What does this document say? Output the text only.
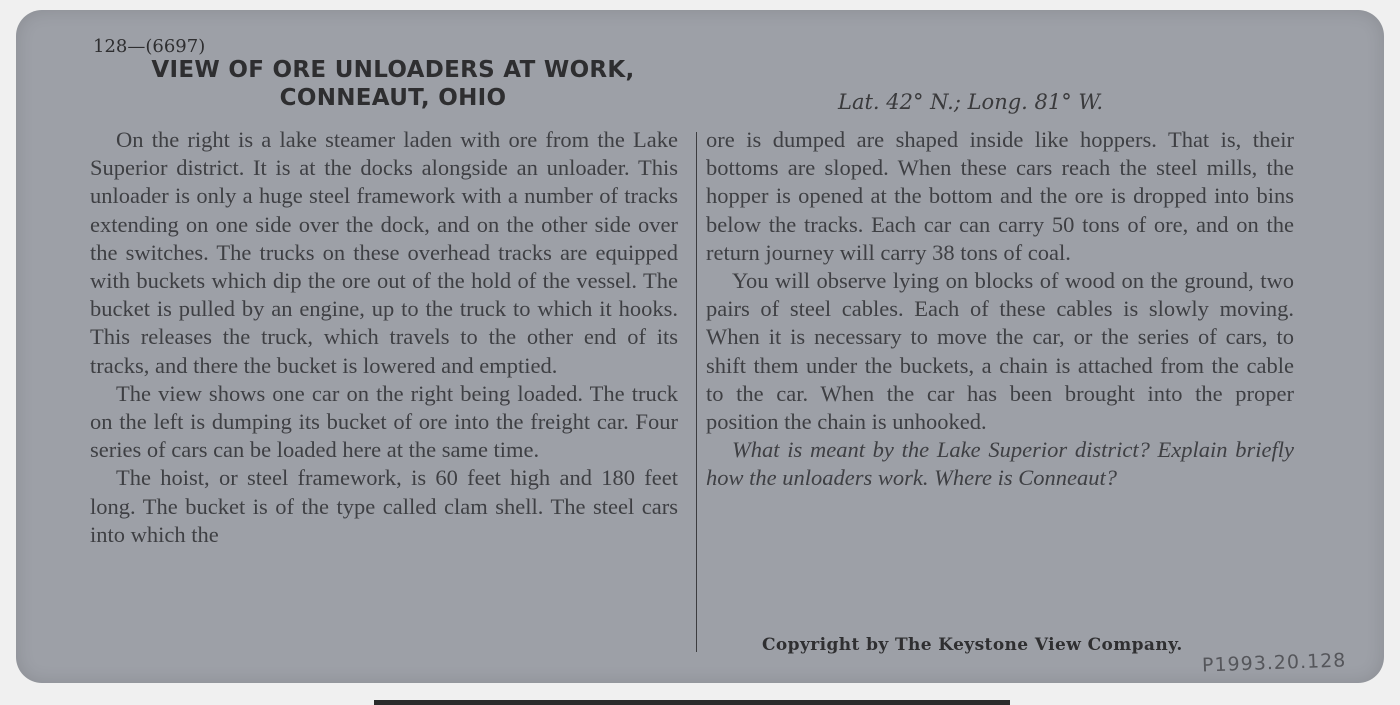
128—(6697)
VIEW OF ORE UNLOADERS AT WORK,
CONNEAUT, OHIO	Lat. 42° N.; Long. 81° W.

On the right is a lake steamer laden with ore from the Lake Superior district. It is at the docks alongside an unloader. This unloader is only a huge steel framework with a number of tracks extending on one side over the dock, and on the other side over the switches. The trucks on these overhead tracks are equipped with buckets which dip the ore out of the hold of the vessel. The bucket is pulled by an engine, up to the truck to which it hooks. This releases the truck, which travels to the other end of its tracks, and there the bucket is lowered and emptied.

The view shows one car on the right being loaded. The truck on the left is dumping its bucket of ore into the freight car. Four series of cars can be loaded here at the same time.

The hoist, or steel framework, is 60 feet high and 180 feet long. The bucket is of the type called clam shell. The steel cars into which the

ore is dumped are shaped inside like hoppers. That is, their bottoms are sloped. When these cars reach the steel mills, the hopper is opened at the bottom and the ore is dropped into bins below the tracks. Each car can carry 50 tons of ore, and on the return journey will carry 38 tons of coal.

You will observe lying on blocks of wood on the ground, two pairs of steel cables. Each of these cables is slowly moving. When it is necessary to move the car, or the series of cars, to shift them under the buckets, a chain is attached from the cable to the car. When the car has been brought into the proper position the chain is unhooked.

What is meant by the Lake Superior district? Explain briefly how the unloaders work. Where is Conneaut?

Copyright by The Keystone View Company.
P1993.20.128
